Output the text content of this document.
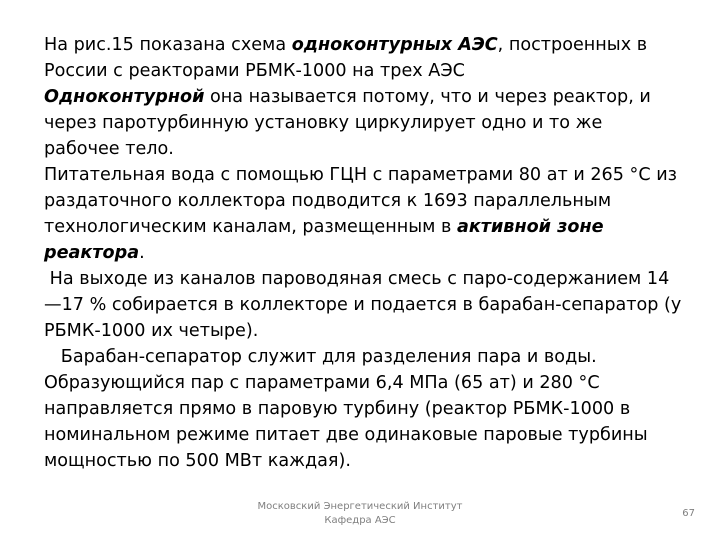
На рис.15 показана схема одноконтурных АЭС, построенных в
России с реакторами РБМК-1000 на трех АЭС
Одноконтурной она называется потому, что и через реактор, и
через паротурбинную установку циркулирует одно и то же
рабочее тело.
Питательная вода с помощью ГЦН с параметрами 80 ат и 265 °С из
раздаточного коллектора подводится к 1693 параллельным
технологическим каналам, размещенным в активной зоне
реактора.
На выходе из каналов пароводяная смесь с паро-содержанием 14
—17 % собирается в коллекторе и подается в барабан-сепаратор (у
РБМК-1000 их четыре).
Барабан-сепаратор служит для разделения пара и воды.
Образующийся пар с параметрами 6,4 МПа (65 ат) и 280 °С
направляется прямо в паровую турбину (реактор РБМК-1000 в
номинальном режиме питает две одинаковые паровые турбины
мощностью по 500 МВт каждая).
Московский Энергетический Институт
Кафедра АЭС
67
